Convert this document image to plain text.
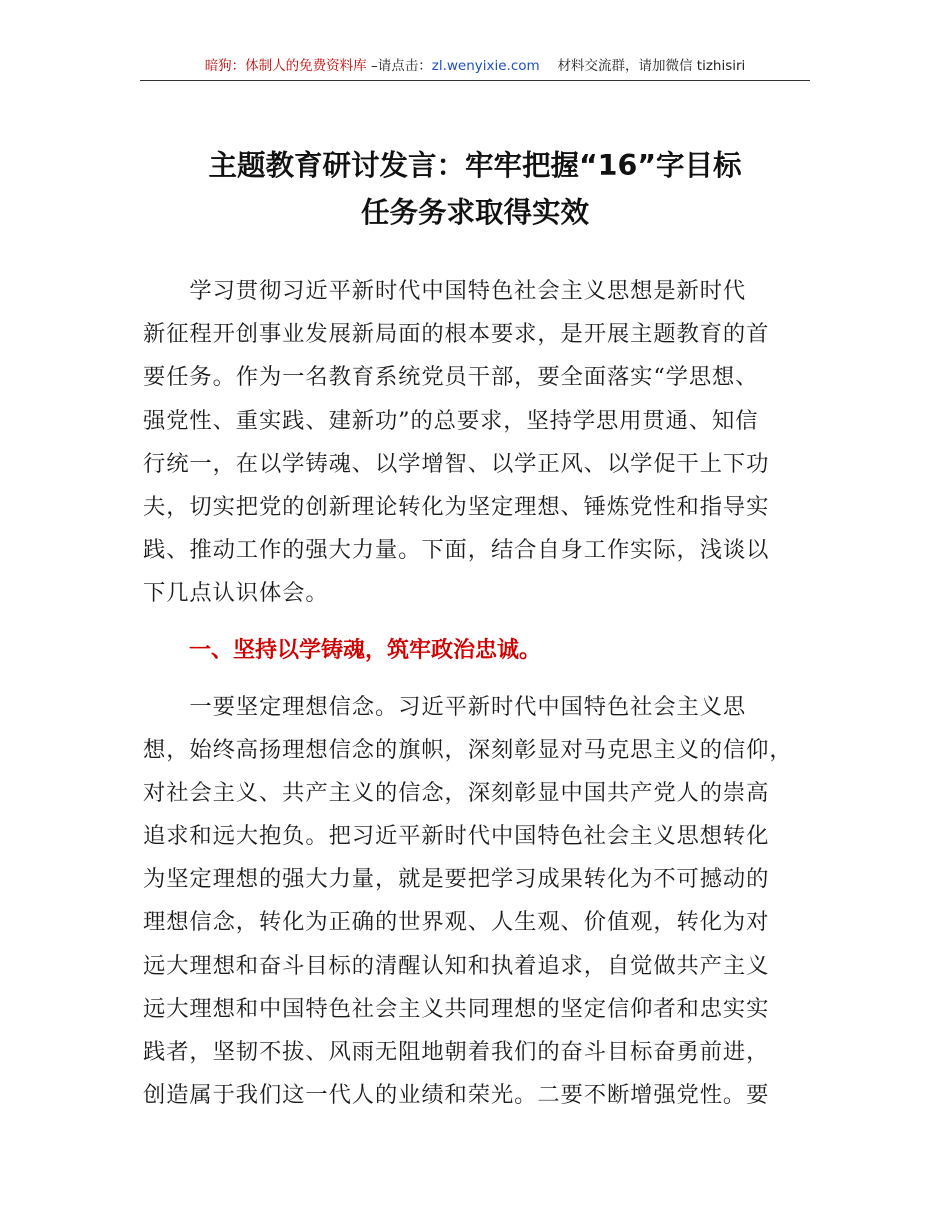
暗狗：体制人的免费资料库 –请点击：zl.wenyixie.com　 材料交流群，请加微信 tizhisiri
主题教育研讨发言：牢牢把握“16”字目标
任务务求取得实效
　　学习贯彻习近平新时代中国特色社会主义思想是新时代
新征程开创事业发展新局面的根本要求，是开展主题教育的首
要任务。作为一名教育系统党员干部，要全面落实“学思想、
强党性、重实践、建新功”的总要求，坚持学思用贯通、知信
行统一，在以学铸魂、以学增智、以学正风、以学促干上下功
夫，切实把党的创新理论转化为坚定理想、锤炼党性和指导实
践、推动工作的强大力量。下面，结合自身工作实际，浅谈以
下几点认识体会。
一、坚持以学铸魂，筑牢政治忠诚。
　　一要坚定理想信念。习近平新时代中国特色社会主义思
想，始终高扬理想信念的旗帜，深刻彰显对马克思主义的信仰，
对社会主义、共产主义的信念，深刻彰显中国共产党人的崇高
追求和远大抱负。把习近平新时代中国特色社会主义思想转化
为坚定理想的强大力量，就是要把学习成果转化为不可撼动的
理想信念，转化为正确的世界观、人生观、价值观，转化为对
远大理想和奋斗目标的清醒认知和执着追求，自觉做共产主义
远大理想和中国特色社会主义共同理想的坚定信仰者和忠实实
践者，坚韧不拔、风雨无阻地朝着我们的奋斗目标奋勇前进，
创造属于我们这一代人的业绩和荣光。二要不断增强党性。要
